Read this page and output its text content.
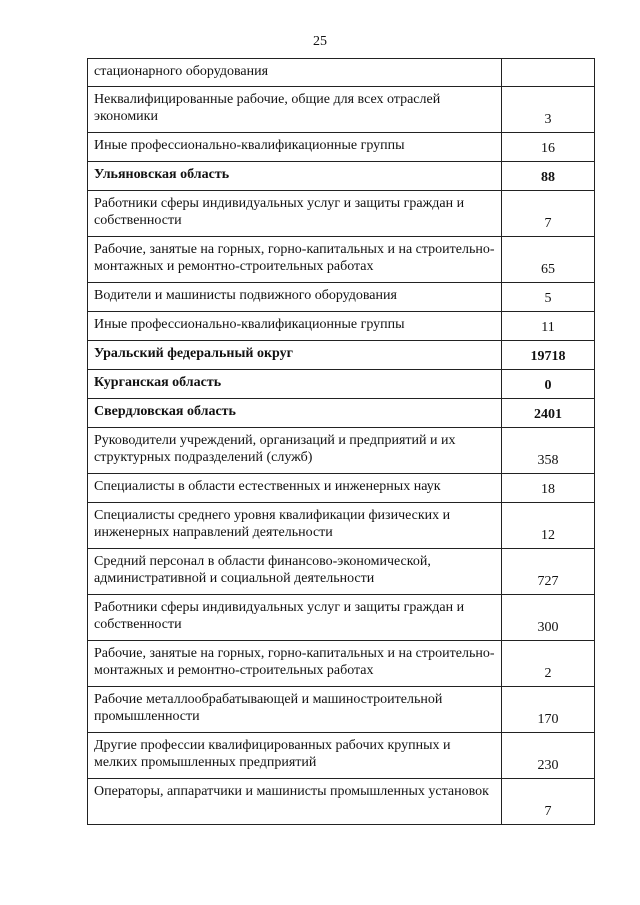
25
стационарного оборудования	
Неквалифицированные рабочие, общие для всех отраслей экономики	3
Иные профессионально-квалификационные группы	16
Ульяновская область	88
Работники сферы индивидуальных услуг и защиты граждан и собственности	7
Рабочие, занятые на горных, горно-капитальных и на строительно-монтажных и ремонтно-строительных работах	65
Водители и машинисты подвижного оборудования	5
Иные профессионально-квалификационные группы	11
Уральский федеральный округ	19718
Курганская область	0
Свердловская область	2401
Руководители учреждений, организаций и предприятий и их структурных подразделений (служб)	358
Специалисты в области естественных и инженерных наук	18
Специалисты среднего уровня квалификации физических и инженерных направлений деятельности	12
Средний персонал в области финансово-экономической, административной и социальной деятельности	727
Работники сферы индивидуальных услуг и защиты граждан и собственности	300
Рабочие, занятые на горных, горно-капитальных и на строительно-монтажных и ремонтно-строительных работах	2
Рабочие металлообрабатывающей и машиностроительной промышленности	170
Другие профессии квалифицированных рабочих крупных и мелких промышленных предприятий	230
Операторы, аппаратчики и машинисты промышленных установок	7
